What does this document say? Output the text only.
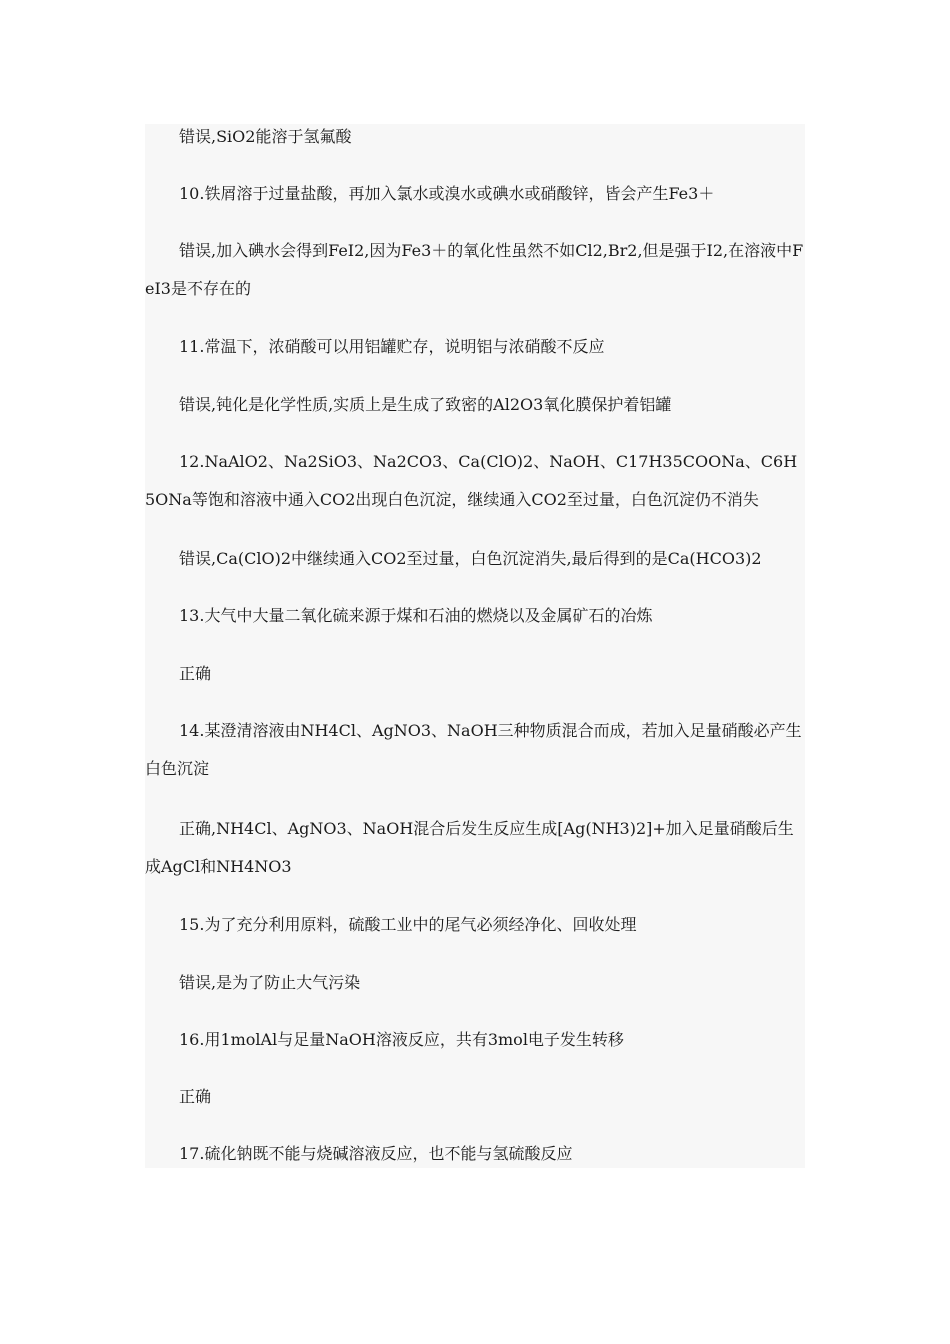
错误,SiO2能溶于氢氟酸

10.铁屑溶于过量盐酸，再加入氯水或溴水或碘水或硝酸锌，皆会产生Fe3＋

错误,加入碘水会得到FeI2,因为Fe3＋的氧化性虽然不如Cl2,Br2,但是强于I2,在溶液中FeI3是不存在的

11.常温下，浓硝酸可以用铝罐贮存，说明铝与浓硝酸不反应

错误,钝化是化学性质,实质上是生成了致密的Al2O3氧化膜保护着铝罐

12.NaAlO2、Na2SiO3、Na2CO3、Ca(ClO)2、NaOH、C17H35COONa、C6H5ONa等饱和溶液中通入CO2出现白色沉淀，继续通入CO2至过量，白色沉淀仍不消失

错误,Ca(ClO)2中继续通入CO2至过量，白色沉淀消失,最后得到的是Ca(HCO3)2

13.大气中大量二氧化硫来源于煤和石油的燃烧以及金属矿石的冶炼

正确

14.某澄清溶液由NH4Cl、AgNO3、NaOH三种物质混合而成，若加入足量硝酸必产生白色沉淀

正确,NH4Cl、AgNO3、NaOH混合后发生反应生成[Ag(NH3)2]+加入足量硝酸后生成AgCl和NH4NO3

15.为了充分利用原料，硫酸工业中的尾气必须经净化、回收处理

错误,是为了防止大气污染

16.用1molAl与足量NaOH溶液反应，共有3mol电子发生转移

正确

17.硫化钠既不能与烧碱溶液反应，也不能与氢硫酸反应
